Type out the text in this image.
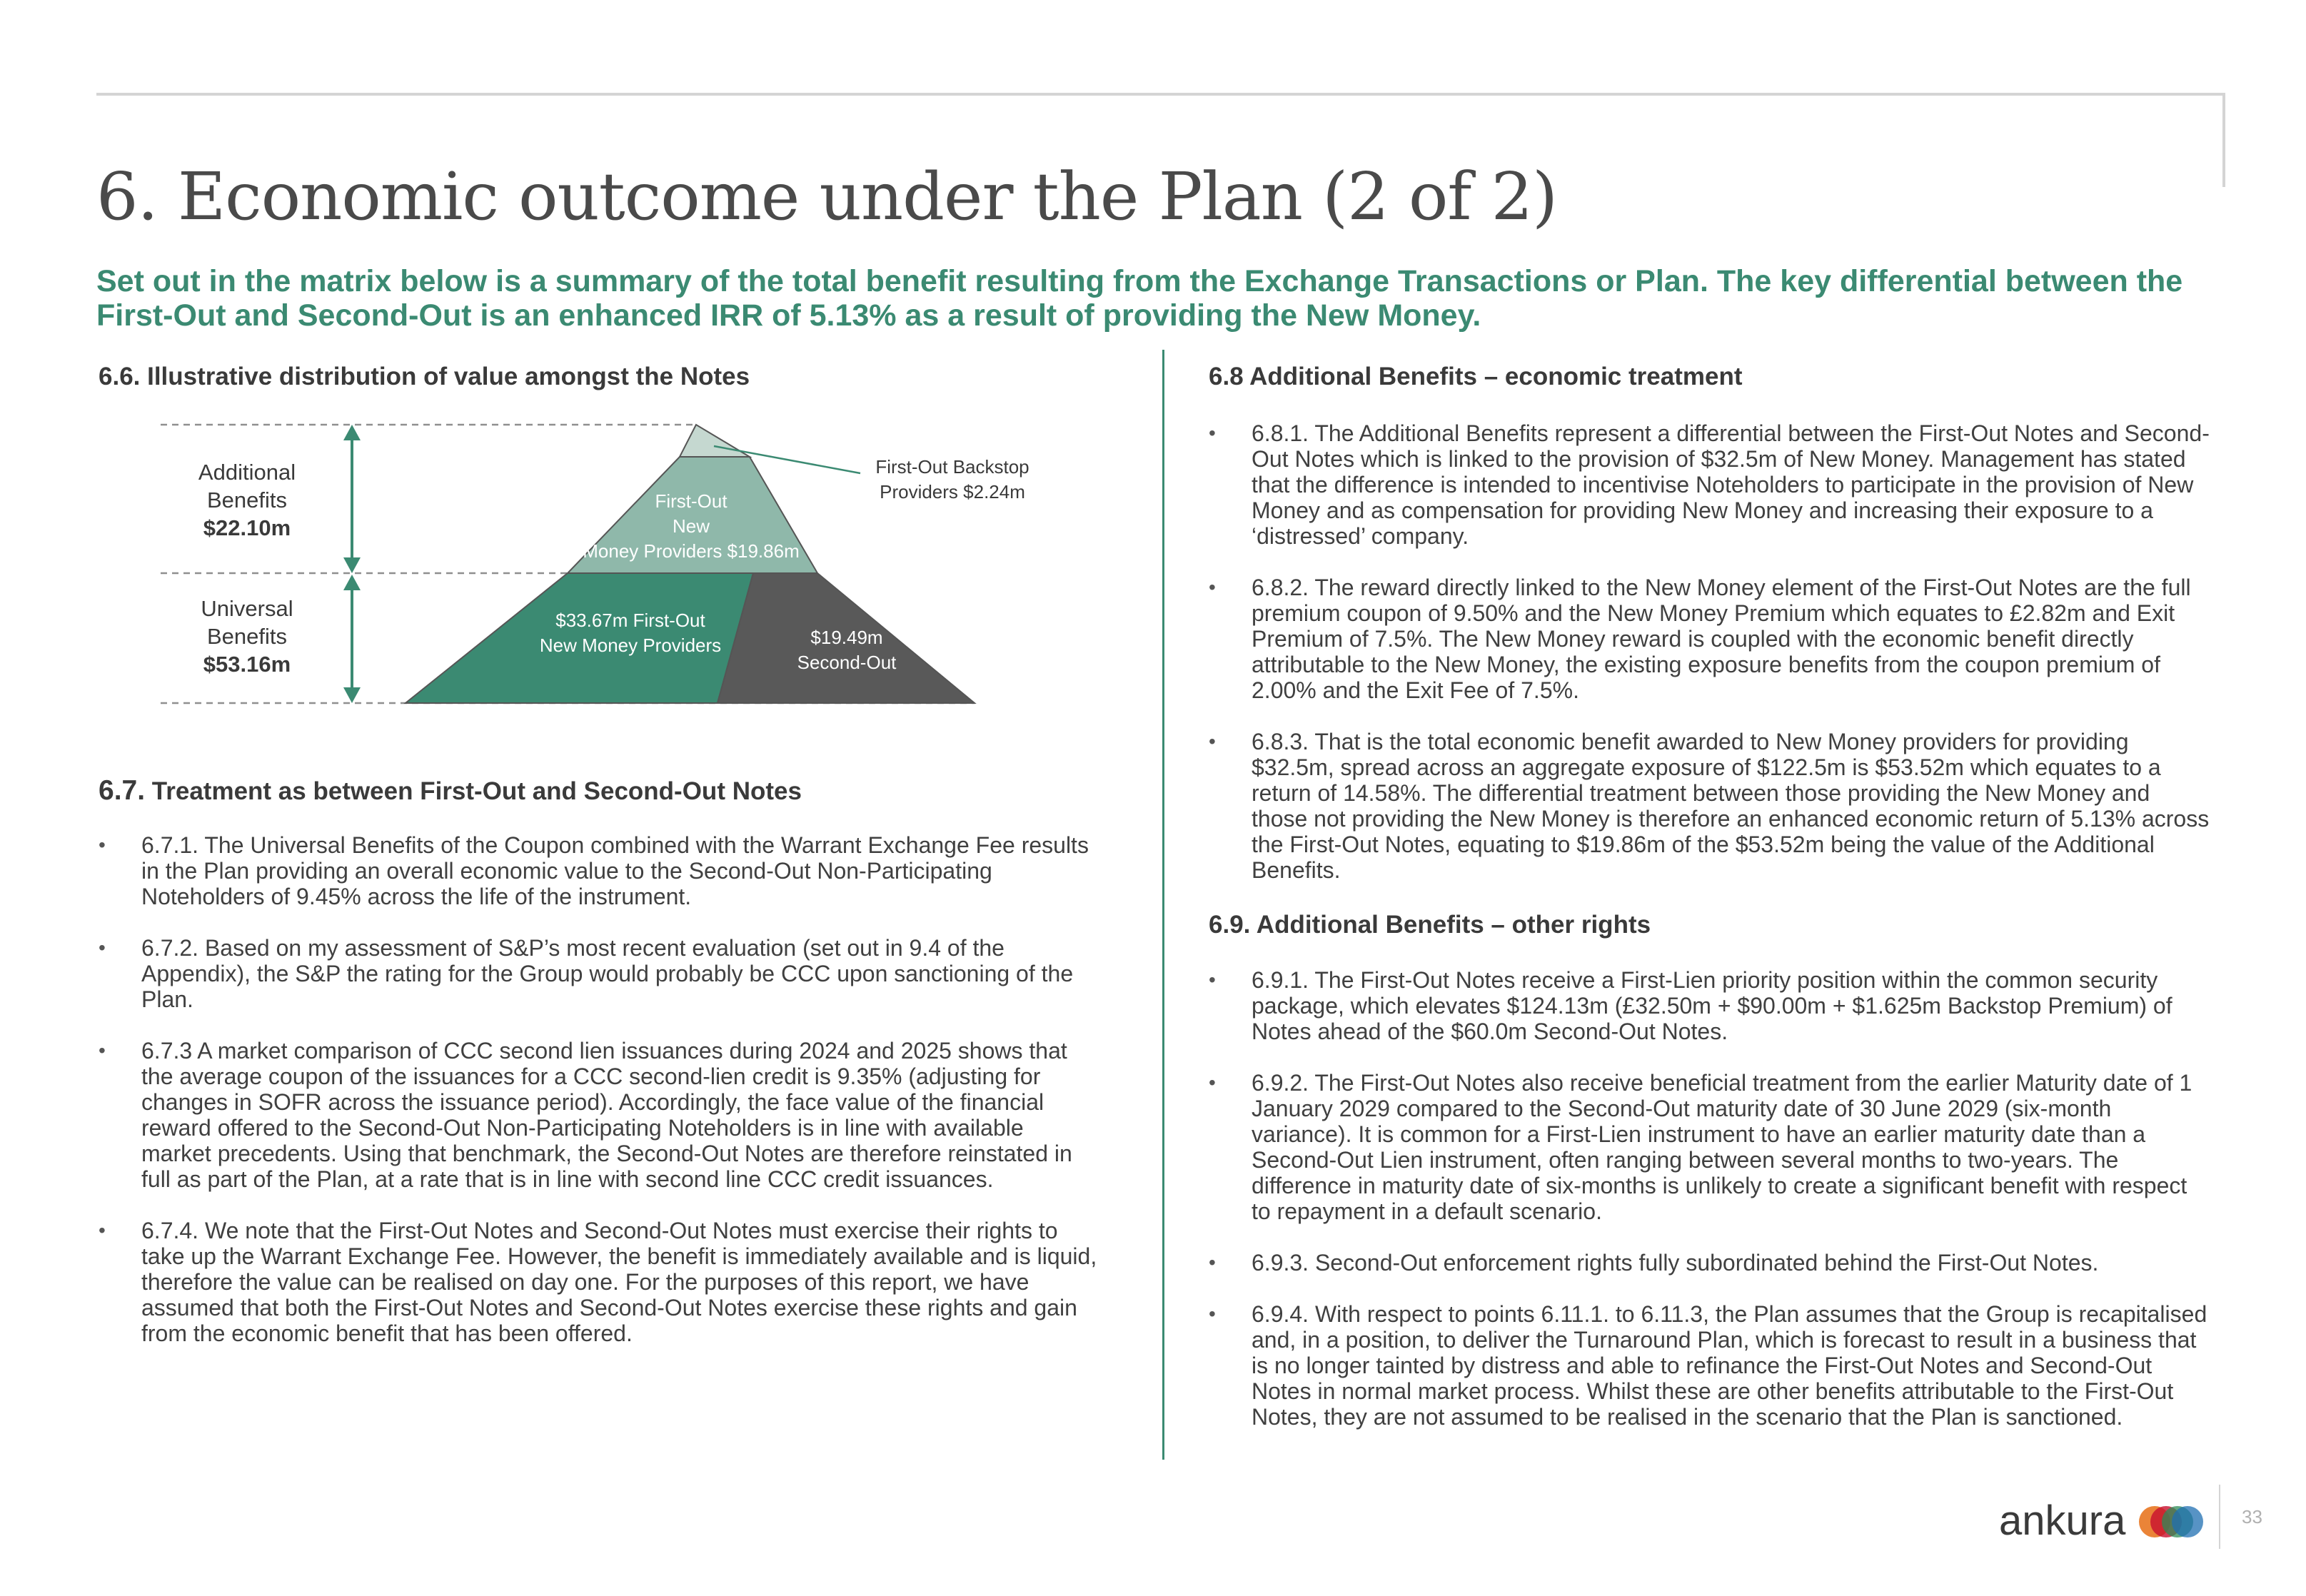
6. Economic outcome under the Plan (2 of 2)

Set out in the matrix below is a summary of the total benefit resulting from the Exchange Transactions or Plan. The key differential between the First-Out and Second-Out is an enhanced IRR of 5.13% as a result of providing the New Money.

6.6. Illustrative distribution of value amongst the Notes
Additional
Benefits
$22.10m
Universal
Benefits
$53.16m
First-Out Backstop
Providers $2.24m
First-Out
New
Money Providers $19.86m
$33.67m First-Out
New Money Providers	$19.49m
Second-Out
6.7. Treatment as between First-Out and Second-Out Notes
• 6.7.1. The Universal Benefits of the Coupon combined with the Warrant Exchange Fee results in the Plan providing an overall economic value to the Second-Out Non-Participating Noteholders of 9.45% across the life of the instrument.
• 6.7.2. Based on my assessment of S&P’s most recent evaluation (set out in 9.4 of the Appendix), the S&P the rating for the Group would probably be CCC upon sanctioning of the Plan.
• 6.7.3 A market comparison of CCC second lien issuances during 2024 and 2025 shows that the average coupon of the issuances for a CCC second-lien credit is 9.35% (adjusting for changes in SOFR across the issuance period). Accordingly, the face value of the financial reward offered to the Second-Out Non-Participating Noteholders is in line with available market precedents. Using that benchmark, the Second-Out Notes are therefore reinstated in full as part of the Plan, at a rate that is in line with second line CCC credit issuances.
• 6.7.4. We note that the First-Out Notes and Second-Out Notes must exercise their rights to take up the Warrant Exchange Fee. However, the benefit is immediately available and is liquid, therefore the value can be realised on day one. For the purposes of this report, we have assumed that both the First-Out Notes and Second-Out Notes exercise these rights and gain from the economic benefit that has been offered.
6.8 Additional Benefits – economic treatment
• 6.8.1. The Additional Benefits represent a differential between the First-Out Notes and Second-Out Notes which is linked to the provision of $32.5m of New Money. Management has stated that the difference is intended to incentivise Noteholders to participate in the provision of New Money and as compensation for providing New Money and increasing their exposure to a ‘distressed’ company.
• 6.8.2. The reward directly linked to the New Money element of the First-Out Notes are the full premium coupon of 9.50% and the New Money Premium which equates to £2.82m and Exit Premium of 7.5%. The New Money reward is coupled with the economic benefit directly attributable to the New Money, the existing exposure benefits from the coupon premium of 2.00% and the Exit Fee of 7.5%.
• 6.8.3. That is the total economic benefit awarded to New Money providers for providing $32.5m, spread across an aggregate exposure of $122.5m is $53.52m which equates to a return of 14.58%. The differential treatment between those providing the New Money and those not providing the New Money is therefore an enhanced economic return of 5.13% across the First-Out Notes, equating to $19.86m of the $53.52m being the value of the Additional Benefits.
6.9. Additional Benefits – other rights
• 6.9.1. The First-Out Notes receive a First-Lien priority position within the common security package, which elevates $124.13m (£32.50m + $90.00m + $1.625m Backstop Premium) of Notes ahead of the $60.0m Second-Out Notes.
• 6.9.2. The First-Out Notes also receive beneficial treatment from the earlier Maturity date of 1 January 2029 compared to the Second-Out maturity date of 30 June 2029 (six-month variance). It is common for a First-Lien instrument to have an earlier maturity date than a Second-Out Lien instrument, often ranging between several months to two-years. The difference in maturity date of six-months is unlikely to create a significant benefit with respect to repayment in a default scenario.
• 6.9.3. Second-Out enforcement rights fully subordinated behind the First-Out Notes.
• 6.9.4. With respect to points 6.11.1. to 6.11.3, the Plan assumes that the Group is recapitalised and, in a position, to deliver the Turnaround Plan, which is forecast to result in a business that is no longer tainted by distress and able to refinance the First-Out Notes and Second-Out Notes in normal market process. Whilst these are other benefits attributable to the First-Out Notes, they are not assumed to be realised in the scenario that the Plan is sanctioned.
ankura	33
